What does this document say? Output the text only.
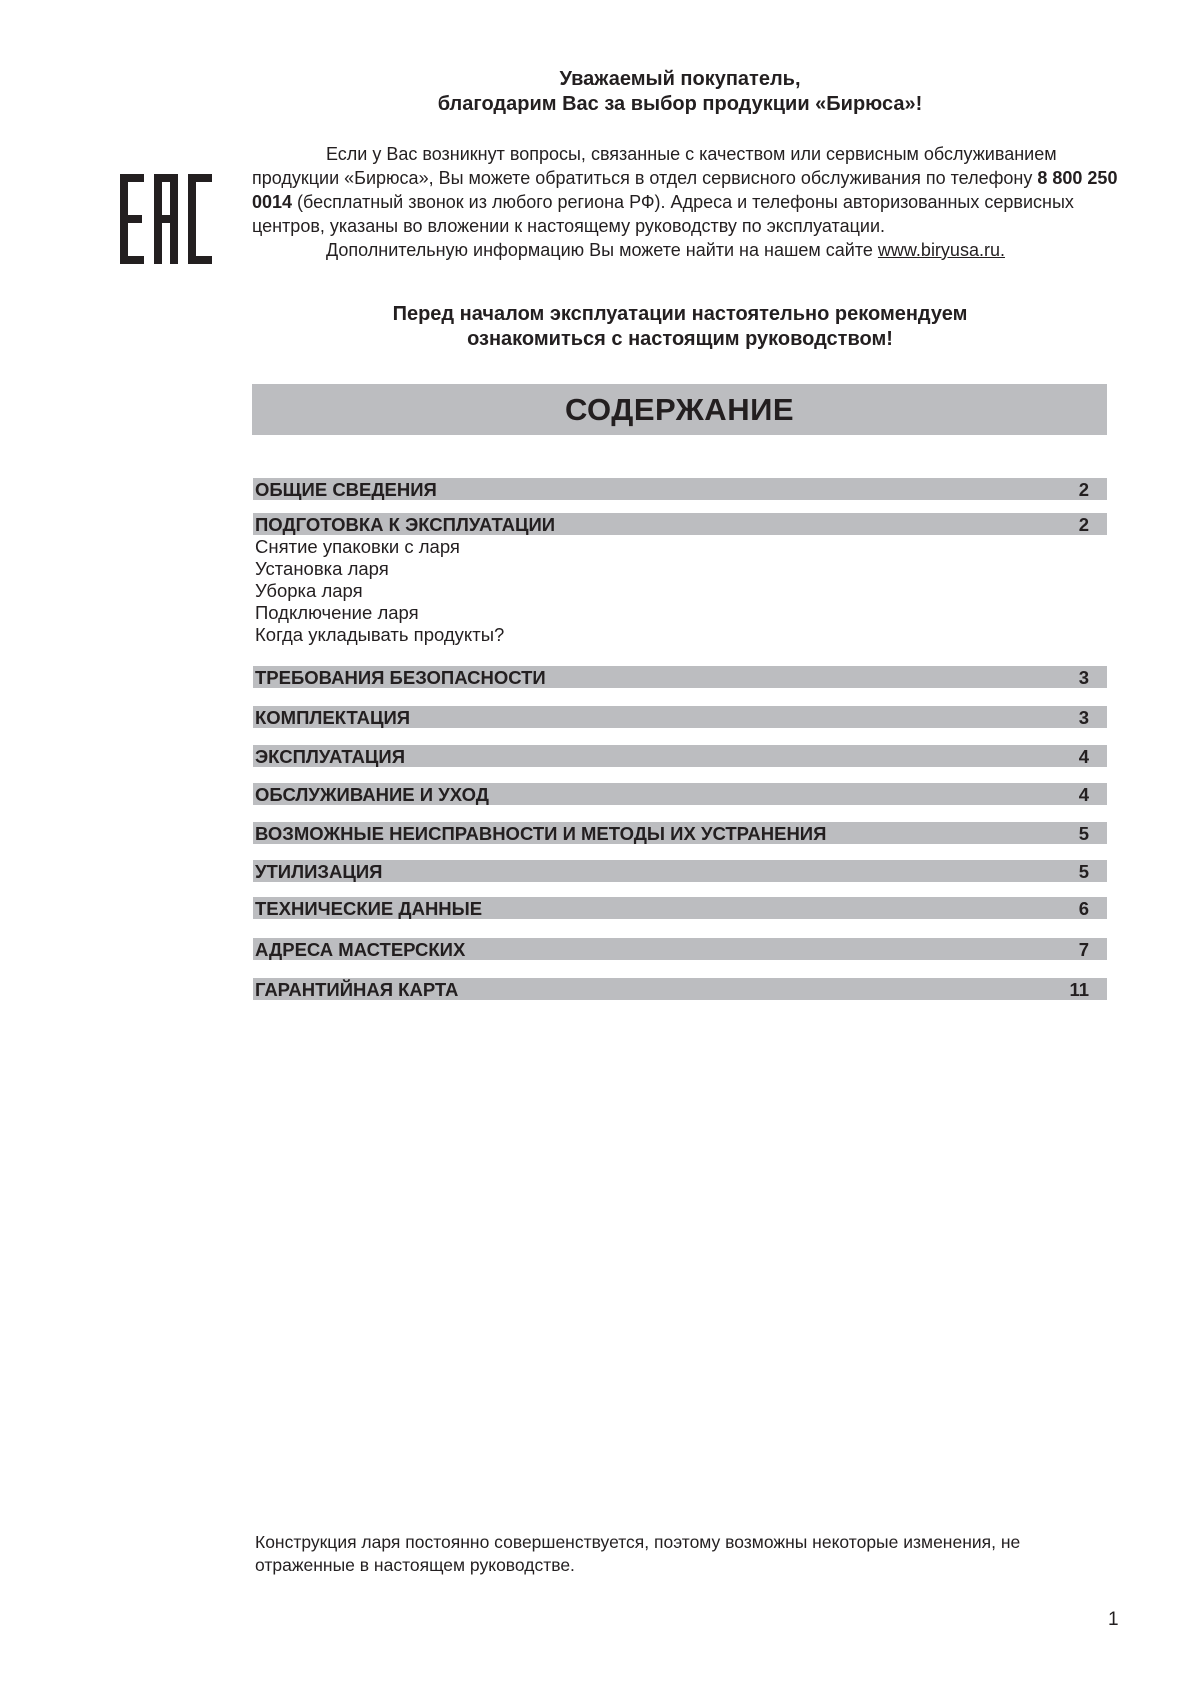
Уважаемый покупатель,
благодарим Вас за выбор продукции «Бирюса»!

Если у Вас возникнут вопросы, связанные с качеством или сервисным обслуживанием продукции «Бирюса», Вы можете обратиться в отдел сервисного обслуживания по телефону 8 800 250 0014 (бесплатный звонок из любого региона РФ). Адреса и телефоны авторизованных сервисных центров, указаны во вложении к настоящему руководству по эксплуатации.

Дополнительную информацию Вы можете найти на нашем сайте www.biryusa.ru.

Перед началом эксплуатации настоятельно рекомендуем
ознакомиться с настоящим руководством!
СОДЕРЖАНИЕ
ОБЩИЕ СВЕДЕНИЯ	2
ПОДГОТОВКА К ЭКСПЛУАТАЦИИ	2
Снятие упаковки с ларя
Установка ларя
Уборка ларя
Подключение ларя
Когда укладывать продукты?
ТРЕБОВАНИЯ БЕЗОПАСНОСТИ	3
КОМПЛЕКТАЦИЯ	3
ЭКСПЛУАТАЦИЯ	4
ОБСЛУЖИВАНИЕ И УХОД	4
ВОЗМОЖНЫЕ НЕИСПРАВНОСТИ И МЕТОДЫ ИХ УСТРАНЕНИЯ	5
УТИЛИЗАЦИЯ	5
ТЕХНИЧЕСКИЕ ДАННЫЕ	6
АДРЕСА МАСТЕРСКИХ	7
ГАРАНТИЙНАЯ КАРТА	11
Конструкция ларя постоянно совершенствуется, поэтому возможны некоторые изменения, не отраженные в настоящем руководстве.
1
